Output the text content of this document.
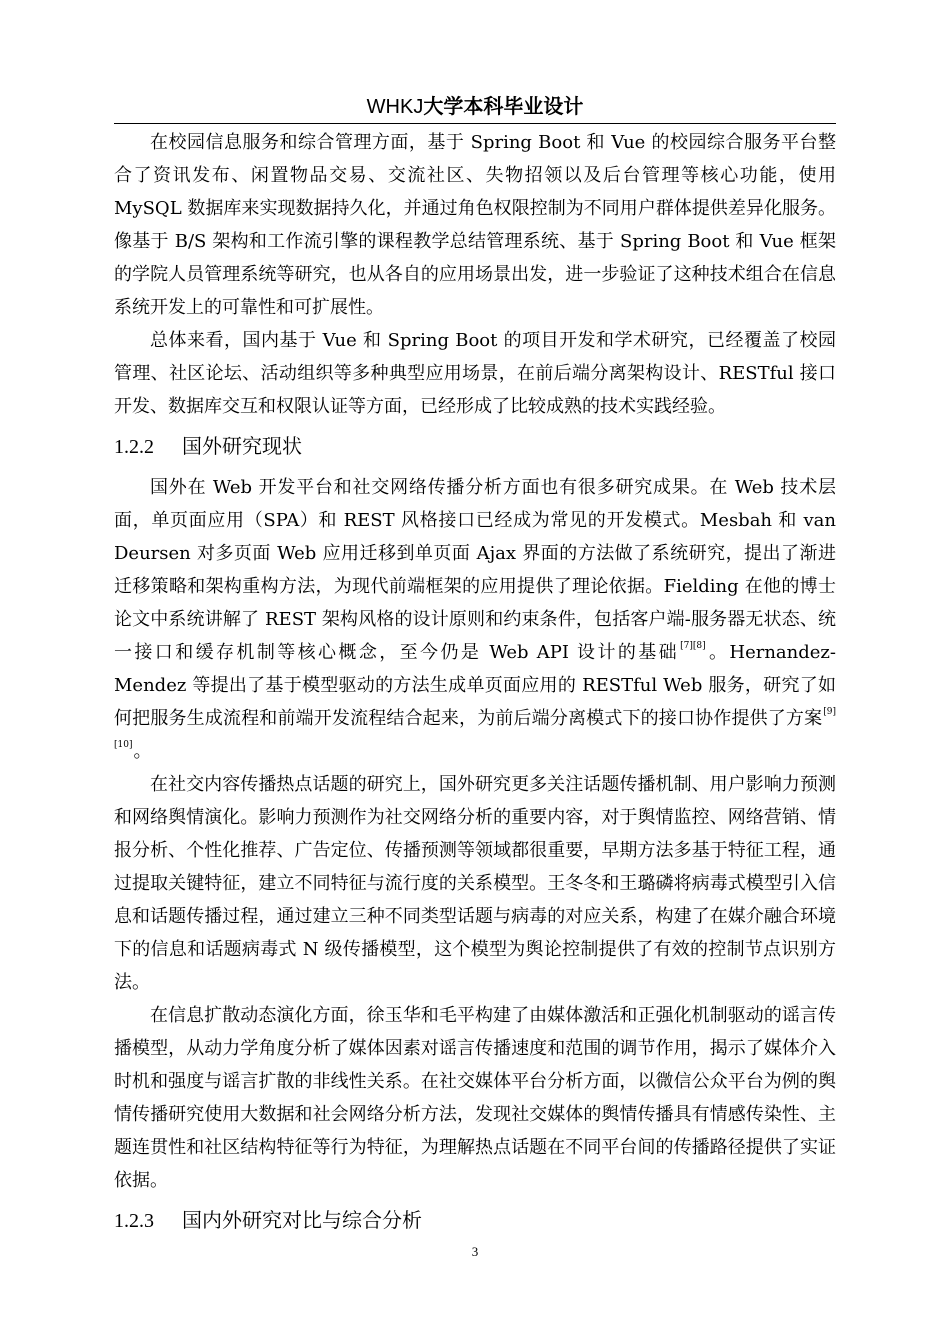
WHKJ大学本科毕业设计

在校园信息服务和综合管理方面，基于 Spring Boot 和 Vue 的校园综合服务平台整合了资讯发布、闲置物品交易、交流社区、失物招领以及后台管理等核心功能，使用 MySQL 数据库来实现数据持久化，并通过角色权限控制为不同用户群体提供差异化服务。像基于 B/S 架构和工作流引擎的课程教学总结管理系统、基于 Spring Boot 和 Vue 框架的学院人员管理系统等研究，也从各自的应用场景出发，进一步验证了这种技术组合在信息系统开发上的可靠性和可扩展性。

总体来看，国内基于 Vue 和 Spring Boot 的项目开发和学术研究，已经覆盖了校园管理、社区论坛、活动组织等多种典型应用场景，在前后端分离架构设计、RESTful 接口开发、数据库交互和权限认证等方面，已经形成了比较成熟的技术实践经验。

1.2.2 国外研究现状

国外在 Web 开发平台和社交网络传播分析方面也有很多研究成果。在 Web 技术层面，单页面应用（SPA）和 REST 风格接口已经成为常见的开发模式。Mesbah 和 van Deursen 对多页面 Web 应用迁移到单页面 Ajax 界面的方法做了系统研究，提出了渐进迁移策略和架构重构方法，为现代前端框架的应用提供了理论依据。Fielding 在他的博士论文中系统讲解了 REST 架构风格的设计原则和约束条件，包括客户端-服务器无状态、统一接口和缓存机制等核心概念，至今仍是 Web API 设计的基础[7][8]。Hernandez-Mendez 等提出了基于模型驱动的方法生成单页面应用的 RESTful Web 服务，研究了如何把服务生成流程和前端开发流程结合起来，为前后端分离模式下的接口协作提供了方案[9][10]。

在社交内容传播热点话题的研究上，国外研究更多关注话题传播机制、用户影响力预测和网络舆情演化。影响力预测作为社交网络分析的重要内容，对于舆情监控、网络营销、情报分析、个性化推荐、广告定位、传播预测等领域都很重要，早期方法多基于特征工程，通过提取关键特征，建立不同特征与流行度的关系模型。王冬冬和王璐磷将病毒式模型引入信息和话题传播过程，通过建立三种不同类型话题与病毒的对应关系，构建了在媒介融合环境下的信息和话题病毒式 N 级传播模型，这个模型为舆论控制提供了有效的控制节点识别方法。

在信息扩散动态演化方面，徐玉华和毛平构建了由媒体激活和正强化机制驱动的谣言传播模型，从动力学角度分析了媒体因素对谣言传播速度和范围的调节作用，揭示了媒体介入时机和强度与谣言扩散的非线性关系。在社交媒体平台分析方面，以微信公众平台为例的舆情传播研究使用大数据和社会网络分析方法，发现社交媒体的舆情传播具有情感传染性、主题连贯性和社区结构特征等行为特征，为理解热点话题在不同平台间的传播路径提供了实证依据。

1.2.3 国内外研究对比与综合分析
3
